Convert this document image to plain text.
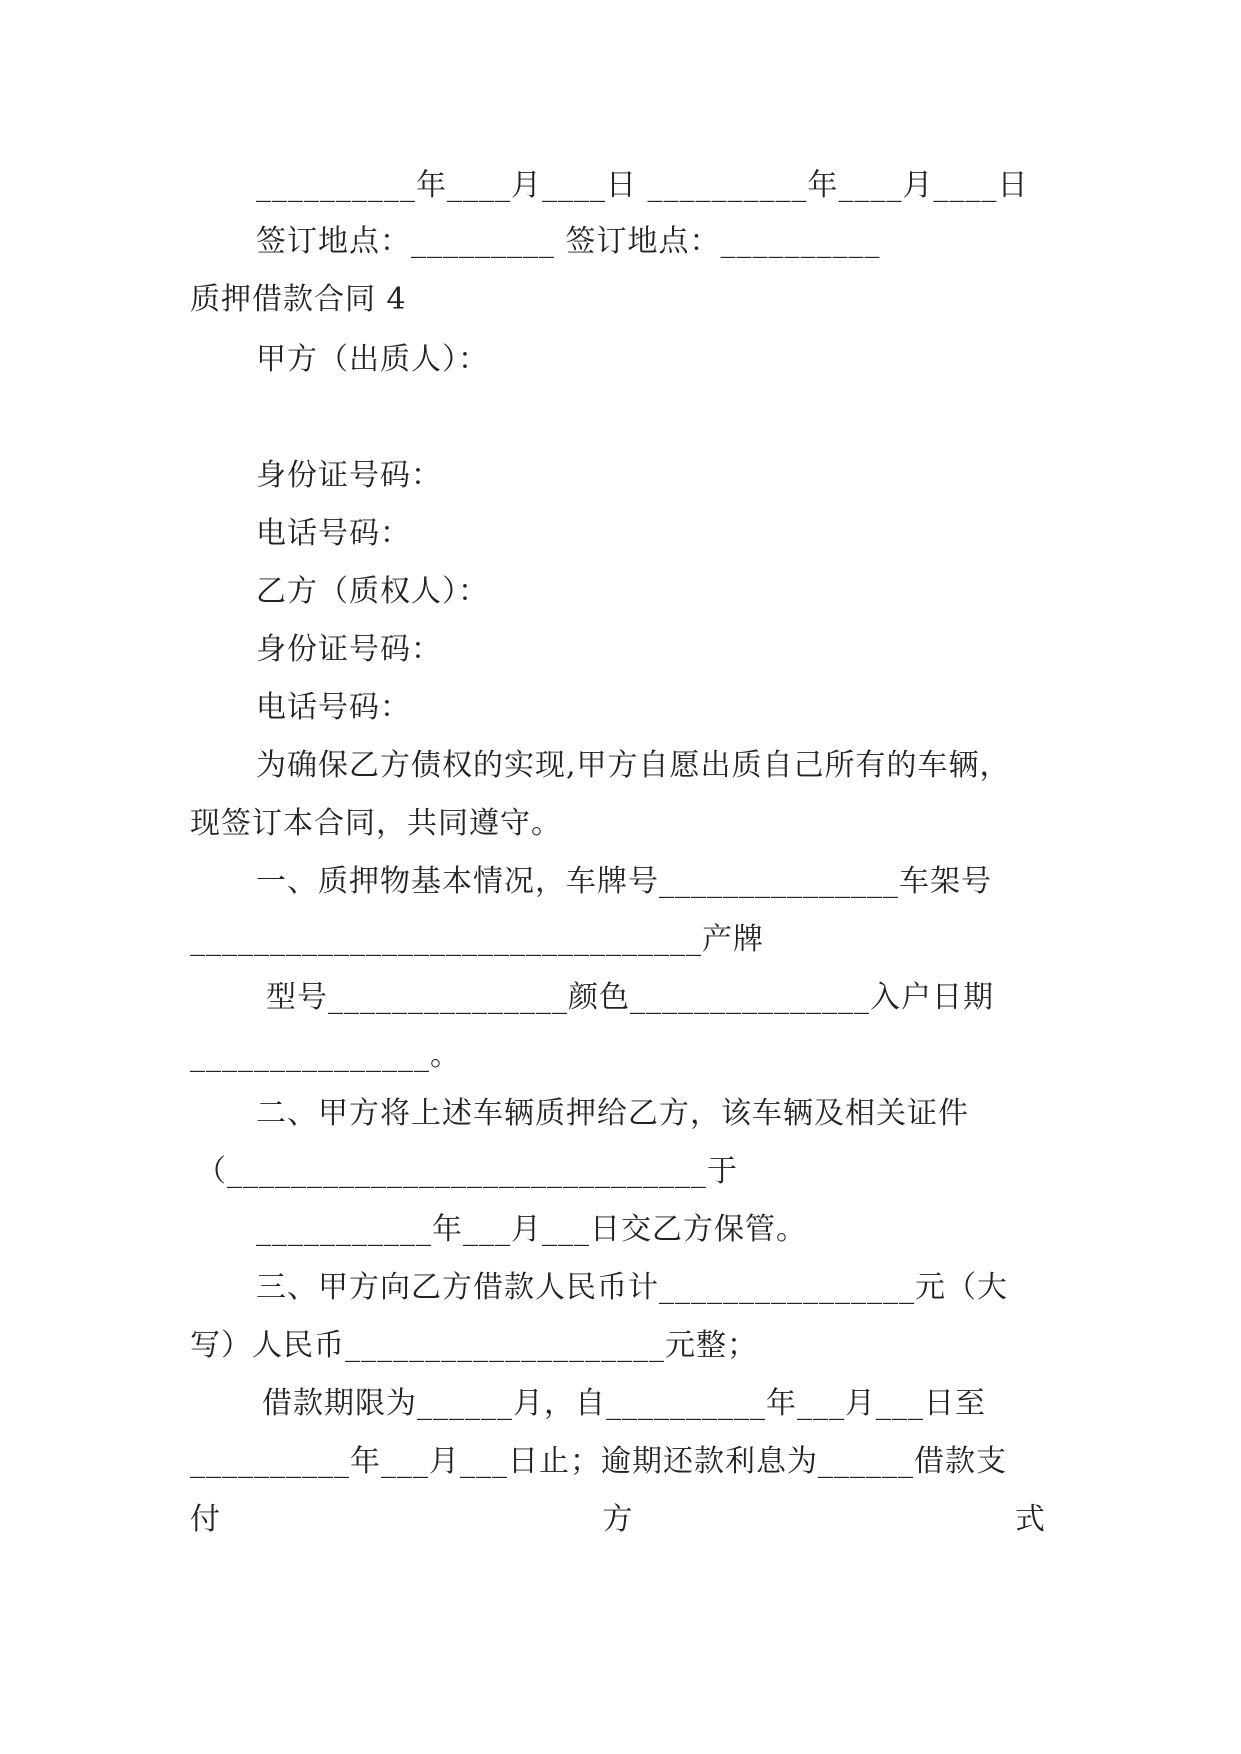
__________年____月____日 __________年____月____日
签订地点：_________ 签订地点：__________
质押借款合同 4
甲方（出质人）：
身份证号码：
电话号码：
乙方（质权人）：
身份证号码：
电话号码：
为确保乙方债权的实现,甲方自愿出质自己所有的车辆，
现签订本合同，共同遵守。
一、质押物基本情况，车牌号_______________车架号
________________________________产牌
型号_______________颜色_______________入户日期
_______________。
二、甲方将上述车辆质押给乙方，该车辆及相关证件
（______________________________于
___________年___月___日交乙方保管。
三、甲方向乙方借款人民币计________________元（大
写）人民币____________________元整；
借款期限为______月，自__________年___月___日至
__________年___月___日止；逾期还款利息为______借款支
付	方	式
